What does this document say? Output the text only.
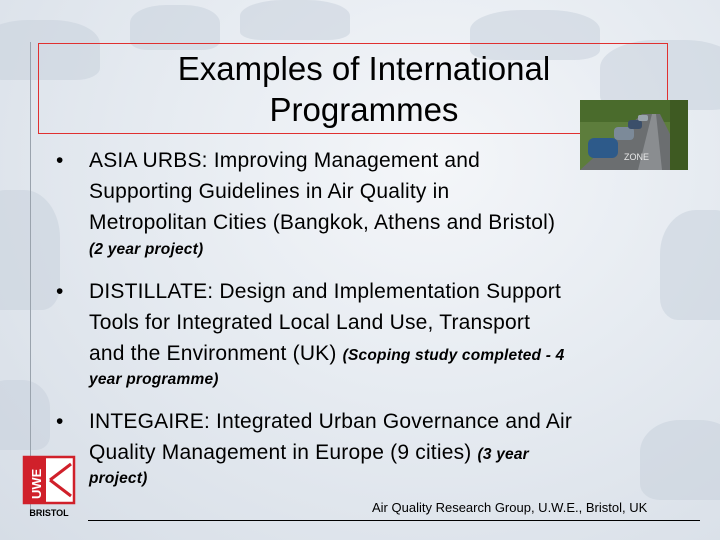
Examples of International
Programmes
ZONE
• ASIA URBS: Improving Management and
Supporting Guidelines in Air Quality in
Metropolitan Cities (Bangkok, Athens and Bristol)
(2 year project)
• DISTILLATE: Design and Implementation Support
Tools for Integrated Local Land Use, Transport
and the Environment (UK) (Scoping study completed - 4
year programme)
• INTEGAIRE: Integrated Urban Governance and Air
Quality Management in Europe (9 cities) (3 year
project)
UWE
BRISTOL	Air Quality Research Group, U.W.E., Bristol, UK
